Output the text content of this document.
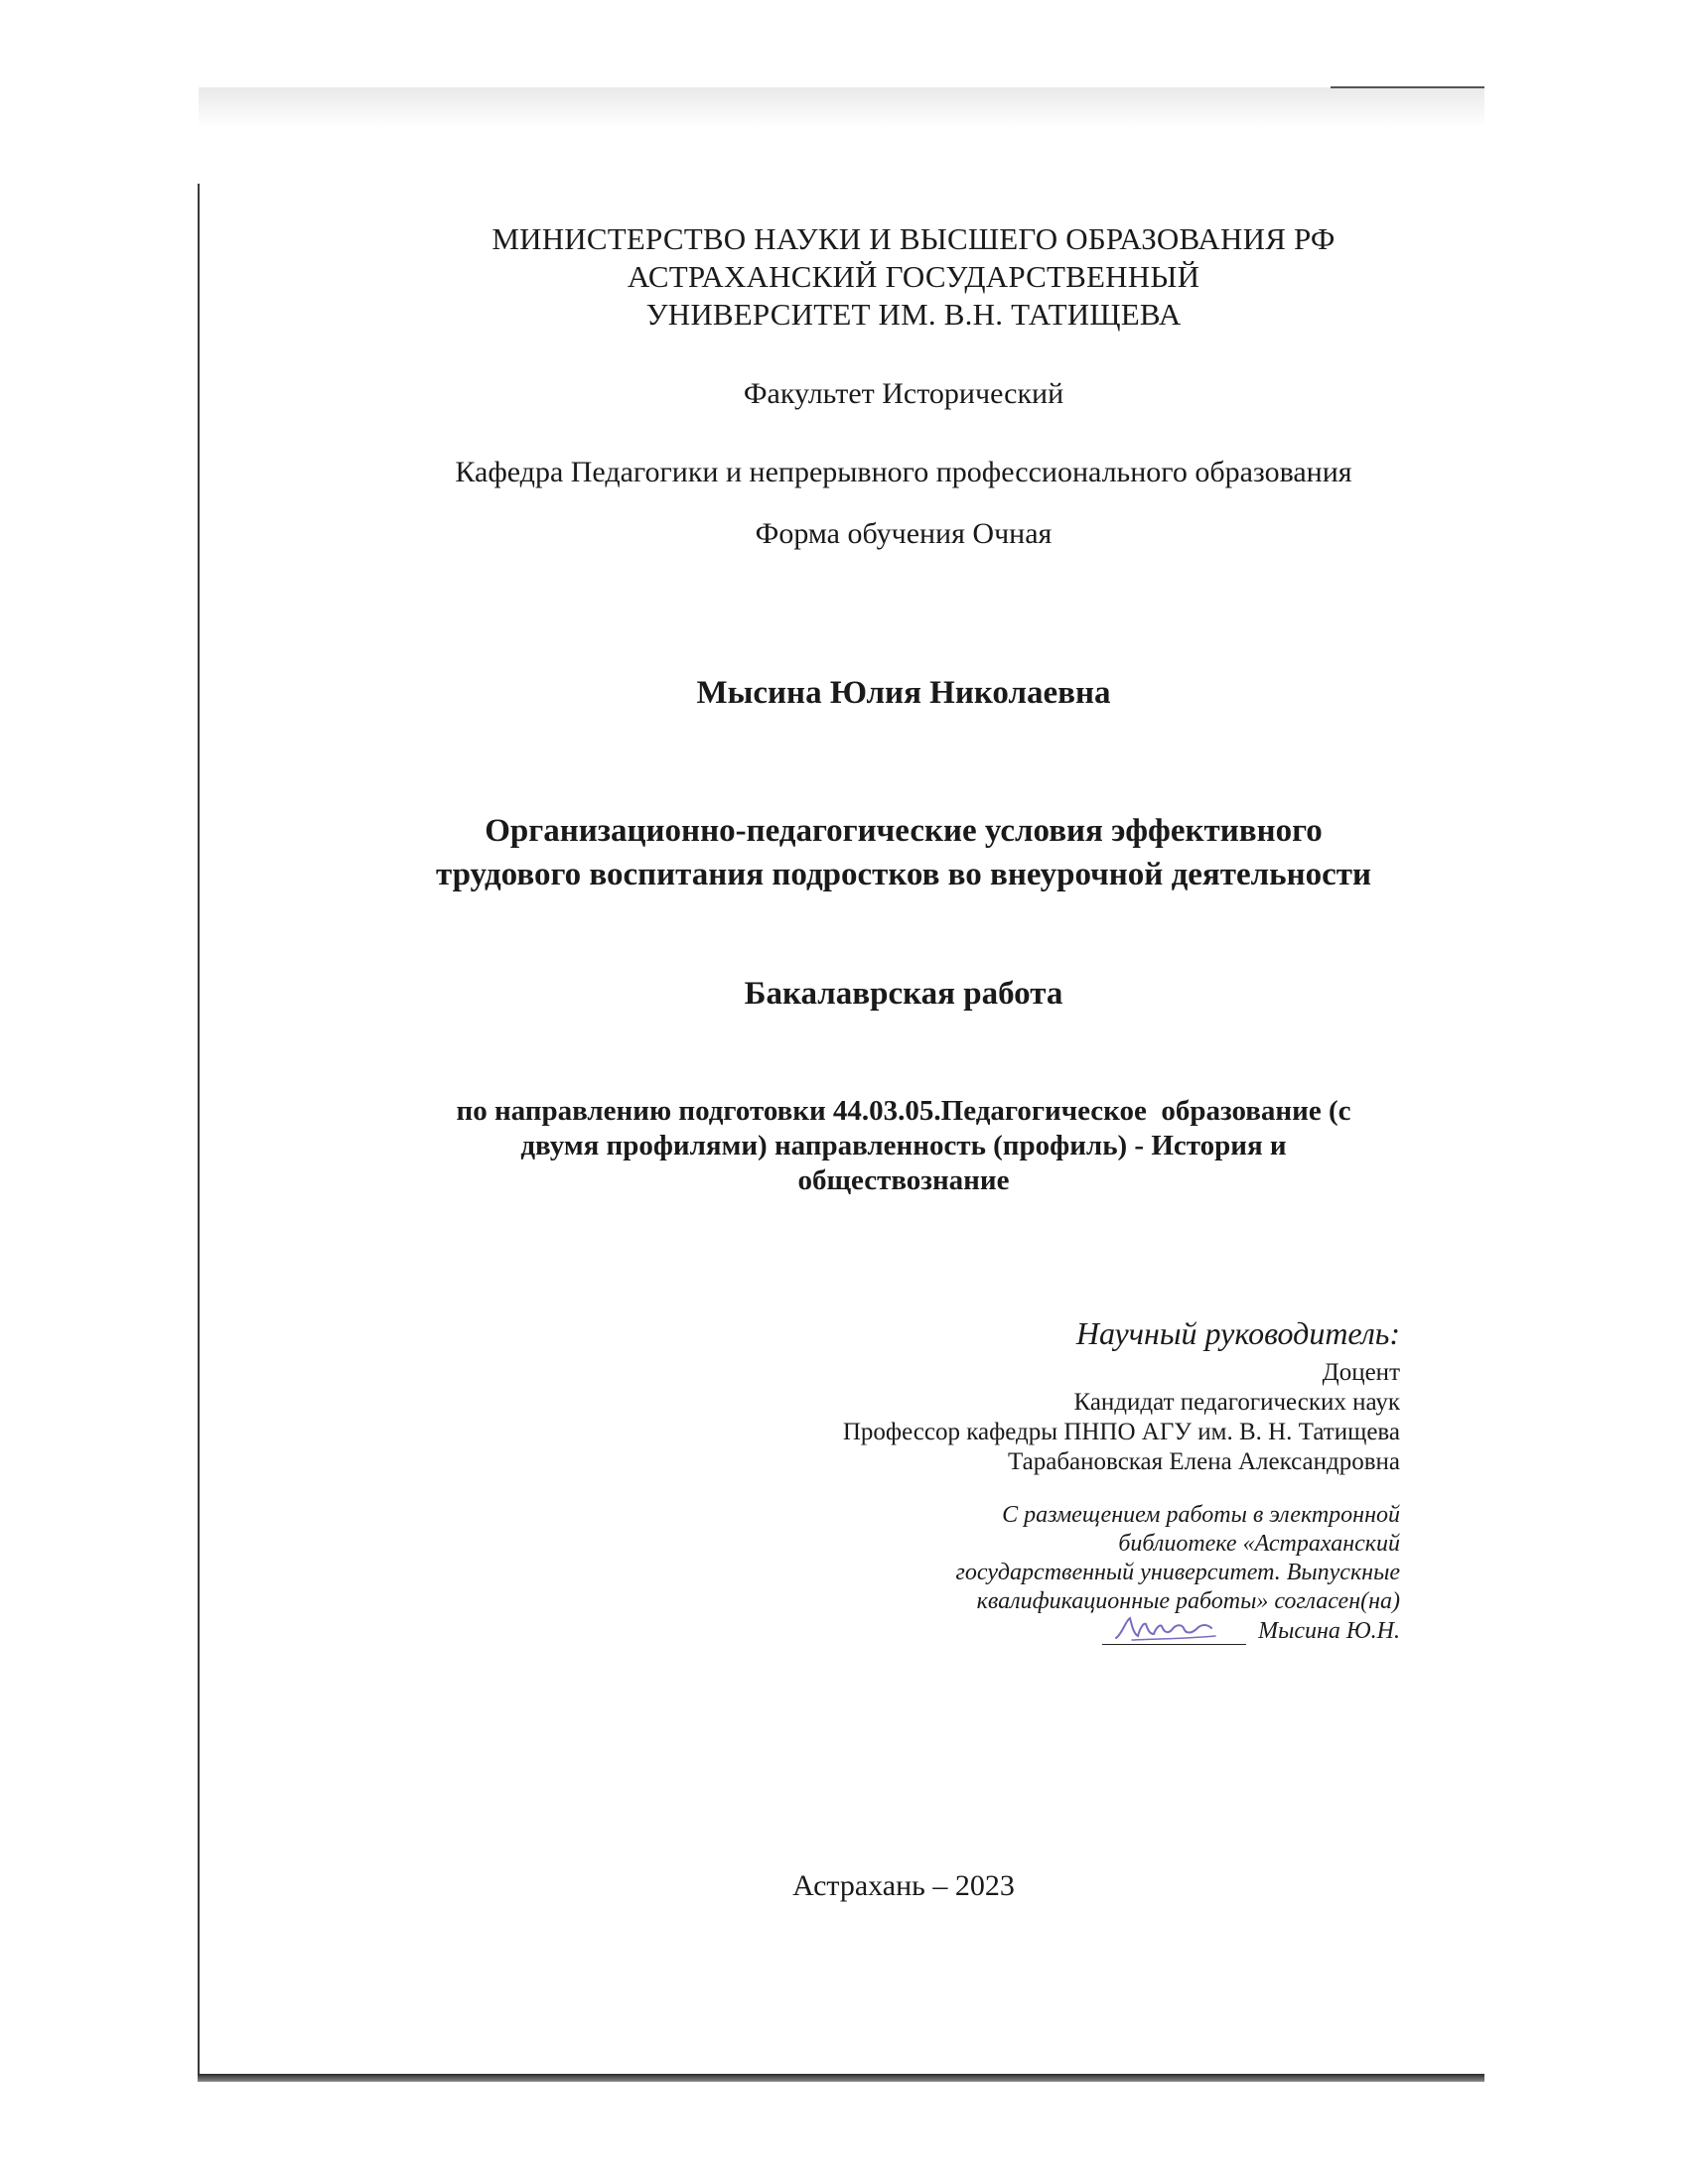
МИНИСТЕРСТВО НАУКИ И ВЫСШЕГО ОБРАЗОВАНИЯ РФ
АСТРАХАНСКИЙ ГОСУДАРСТВЕННЫЙ
УНИВЕРСИТЕТ ИМ. В.Н. ТАТИЩЕВА

Факультет Исторический

Кафедра Педагогики и непрерывного профессионального образования

Форма обучения Очная

Мысина Юлия Николаевна

Организационно-педагогические условия эффективного
трудового воспитания подростков во внеурочной деятельности

Бакалаврская работа

по направлению подготовки 44.03.05.Педагогическое  образование (с
двумя профилями) направленность (профиль) - История и
обществознание

Научный руководитель:

Доцент
Кандидат педагогических наук
Профессор кафедры ПНПО АГУ им. В. Н. Татищева
Тарабановская Елена Александровна
С размещением работы в электронной
библиотеке «Астраханский
государственный университет. Выпускные
квалификационные работы» согласен(на)
Мысина Ю.Н.

Астрахань – 2023
